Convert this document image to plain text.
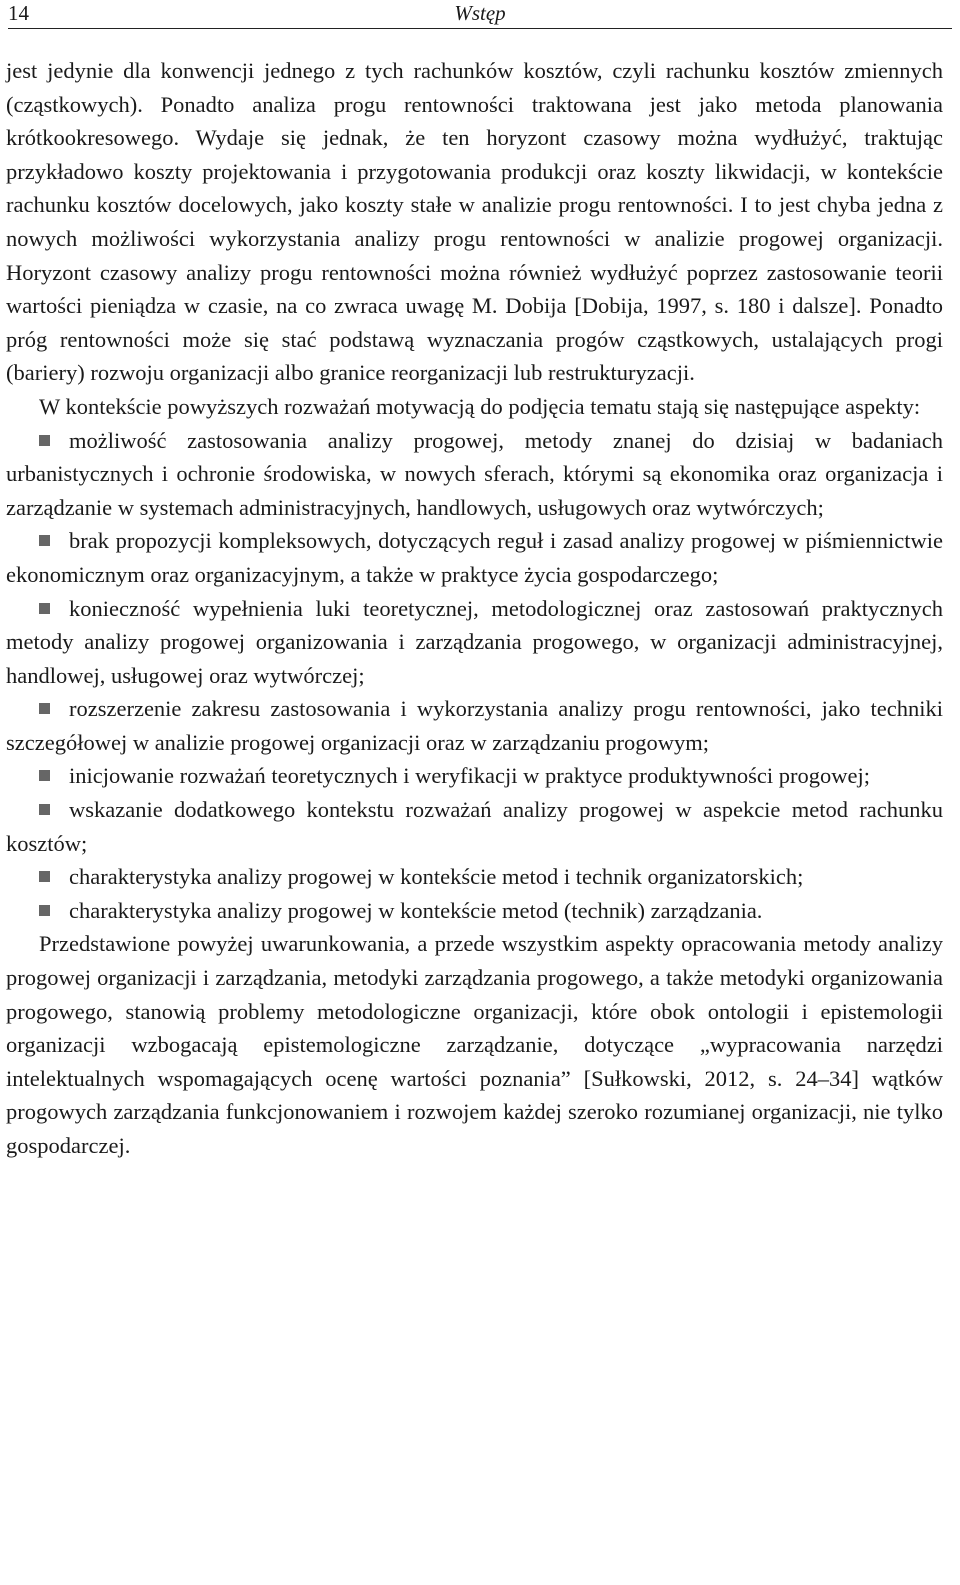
14	Wstęp

jest jedynie dla konwencji jednego z tych rachunków kosztów, czyli rachunku kosztów zmiennych (cząstkowych). Ponadto analiza progu rentowności traktowana jest jako metoda planowania krótkookresowego. Wydaje się jednak, że ten horyzont czasowy można wydłużyć, traktując przykładowo koszty projektowania i przygotowania produkcji oraz koszty likwidacji, w kontekście rachunku kosztów docelowych, jako koszty stałe w analizie progu rentowności. I to jest chyba jedna z nowych możliwości wykorzystania analizy progu rentowności w analizie progowej organizacji. Horyzont czasowy analizy progu rentowności można również wydłużyć poprzez zastosowanie teorii wartości pieniądza w czasie, na co zwraca uwagę M. Dobija [Dobija, 1997, s. 180 i dalsze]. Ponadto próg rentowności może się stać podstawą wyznaczania progów cząstkowych, ustalających progi (bariery) rozwoju organizacji albo granice reorganizacji lub restrukturyzacji.

W kontekście powyższych rozważań motywacją do podjęcia tematu stają się następujące aspekty:

możliwość zastosowania analizy progowej, metody znanej do dzisiaj w badaniach urbanistycznych i ochronie środowiska, w nowych sferach, którymi są ekonomika oraz organizacja i zarządzanie w systemach administracyjnych, handlowych, usługowych oraz wytwórczych;

brak propozycji kompleksowych, dotyczących reguł i zasad analizy progowej w piśmiennictwie ekonomicznym oraz organizacyjnym, a także w praktyce życia gospodarczego;

konieczność wypełnienia luki teoretycznej, metodologicznej oraz zastosowań praktycznych metody analizy progowej organizowania i zarządzania progowego, w organizacji administracyjnej, handlowej, usługowej oraz wytwórczej;

rozszerzenie zakresu zastosowania i wykorzystania analizy progu rentowności, jako techniki szczegółowej w analizie progowej organizacji oraz w zarządzaniu progowym;

inicjowanie rozważań teoretycznych i weryfikacji w praktyce produktywności progowej;

wskazanie dodatkowego kontekstu rozważań analizy progowej w aspekcie metod rachunku kosztów;

charakterystyka analizy progowej w kontekście metod i technik organizatorskich;

charakterystyka analizy progowej w kontekście metod (technik) zarządzania.

Przedstawione powyżej uwarunkowania, a przede wszystkim aspekty opracowania metody analizy progowej organizacji i zarządzania, metodyki zarządzania progowego, a także metodyki organizowania progowego, stanowią problemy metodologiczne organizacji, które obok ontologii i epistemologii organizacji wzbogacają epistemologiczne zarządzanie, dotyczące „wypracowania narzędzi intelektualnych wspomagających ocenę wartości poznania” [Sułkowski, 2012, s. 24–34] wątków progowych zarządzania funkcjonowaniem i rozwojem każdej szeroko rozumianej organizacji, nie tylko gospodarczej.
